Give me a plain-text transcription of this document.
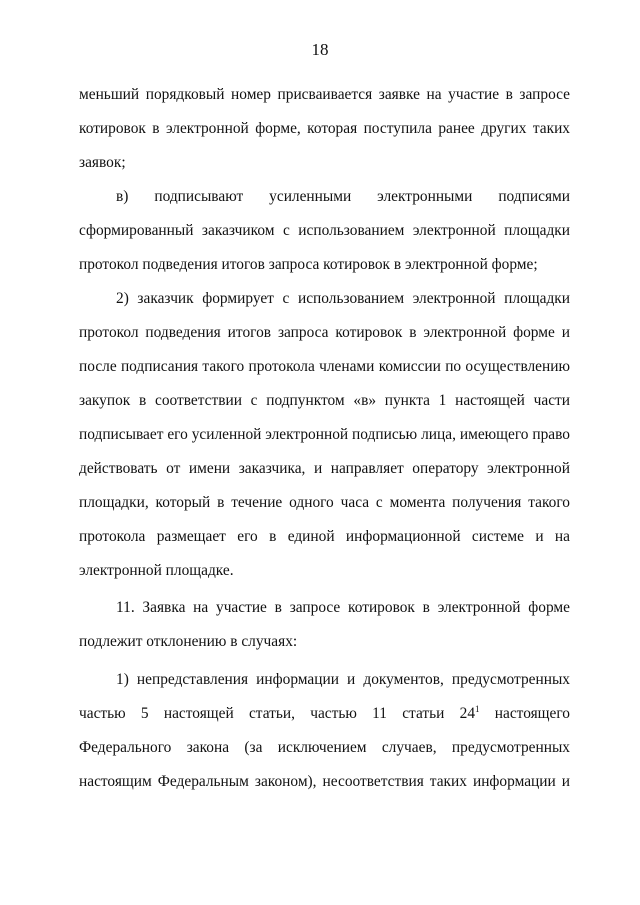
18
меньший порядковый номер присваивается заявке на участие в запросе
котировок в электронной форме, которая поступила ранее других таких
заявок;
в) подписывают усиленными электронными подписями
сформированный заказчиком с использованием электронной площадки
протокол подведения итогов запроса котировок в электронной форме;
2) заказчик формирует с использованием электронной площадки
протокол подведения итогов запроса котировок в электронной форме и
после подписания такого протокола членами комиссии по осуществлению
закупок в соответствии с подпунктом «в» пункта 1 настоящей части
подписывает его усиленной электронной подписью лица, имеющего право
действовать от имени заказчика, и направляет оператору электронной
площадки, который в течение одного часа с момента получения такого
протокола размещает его в единой информационной системе и на
электронной площадке.
11. Заявка на участие в запросе котировок в электронной форме
подлежит отклонению в случаях:
1) непредставления информации и документов, предусмотренных
частью 5 настоящей статьи, частью 11 статьи $24^1$ настоящего
Федерального закона (за исключением случаев, предусмотренных
настоящим Федеральным законом), несоответствия таких информации и
